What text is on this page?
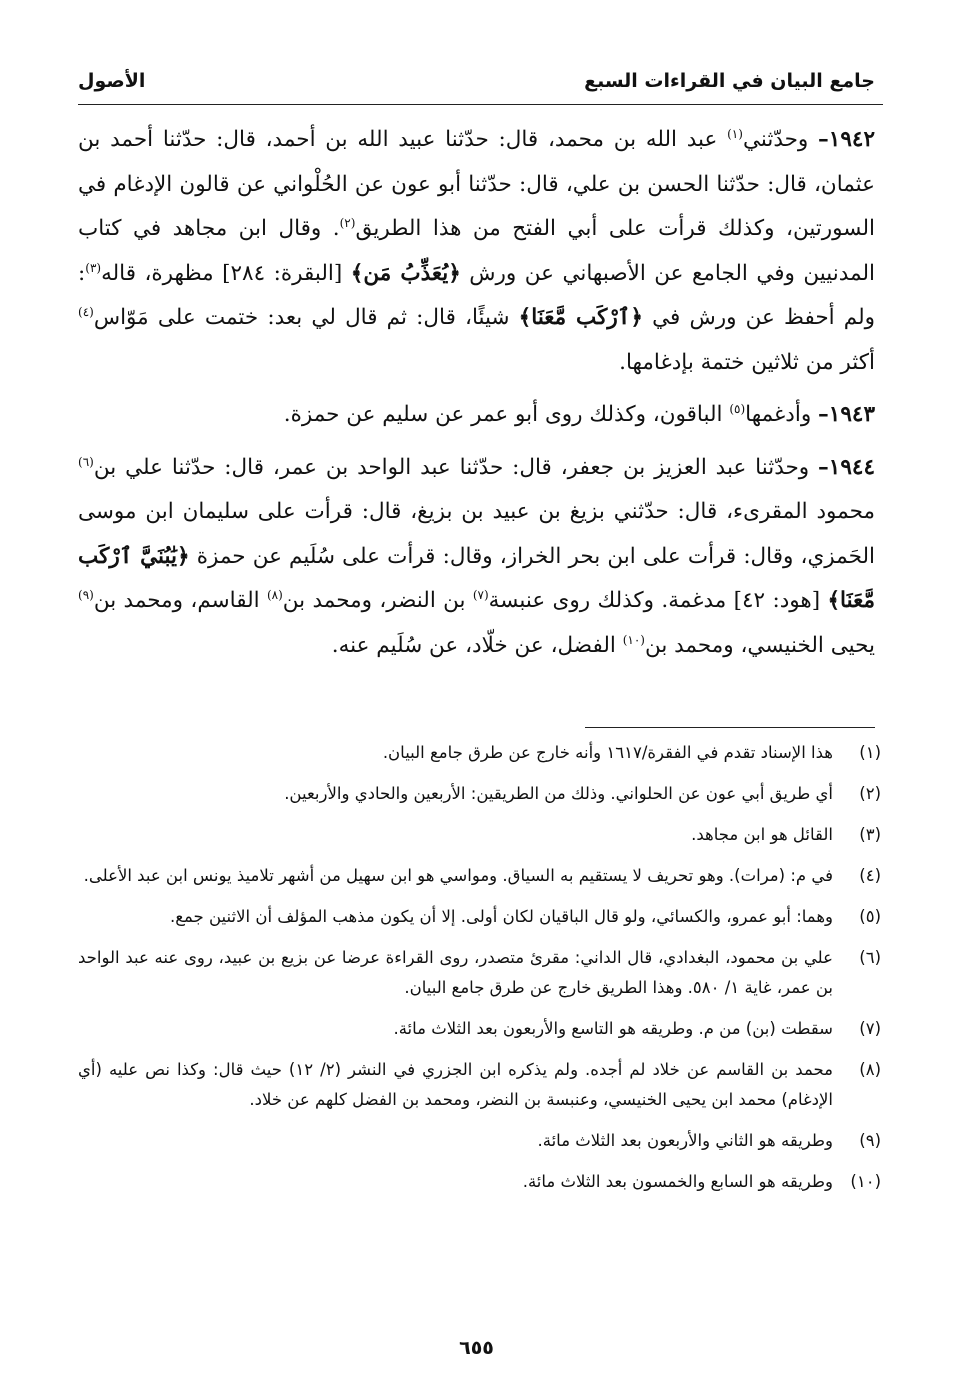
جامع البيان في القراءات السبع
الأصول

١٩٤٢– وحدّثني$^{(١)}$ عبد الله بن محمد، قال: حدّثنا عبيد الله بن أحمد، قال: حدّثنا أحمد بن عثمان، قال: حدّثنا الحسن بن علي، قال: حدّثنا أبو عون عن الحُلْواني عن قالون الإدغام في السورتين، وكذلك قرأت على أبي الفتح من هذا الطريق$^{(٢)}$. وقال ابن مجاهد في كتاب المدنيين وفي الجامع عن الأصبهاني عن ورش ﴿يُعَذِّبُ مَن﴾ [البقرة: ٢٨٤] مظهرة، قاله$^{(٣)}$: ولم أحفظ عن ورش في ﴿ٱرْكَب مَّعَنَا﴾ شيئًا، قال: ثم قال لي بعد: ختمت على مَوّاس$^{(٤)}$ أكثر من ثلاثين ختمة بإدغامها.

١٩٤٣– وأدغمها$^{(٥)}$ الباقون، وكذلك روى أبو عمر عن سليم عن حمزة.

١٩٤٤– وحدّثنا عبد العزيز بن جعفر، قال: حدّثنا عبد الواحد بن عمر، قال: حدّثنا علي بن$^{(٦)}$ محمود المقرىء، قال: حدّثني بزيغ بن عبيد بن بزيغ، قال: قرأت على سليمان ابن موسى الحَمزي، وقال: قرأت على ابن بحر الخراز، وقال: قرأت على سُلَيم عن حمزة ﴿يَٰبُنَيَّ ٱرْكَب مَّعَنَا﴾ [هود: ٤٢] مدغمة. وكذلك روى عنبسة$^{(٧)}$ بن النضر، ومحمد بن$^{(٨)}$ القاسم، ومحمد بن$^{(٩)}$ يحيى الخنيسي، ومحمد بن$^{(١٠)}$ الفضل، عن خلّاد، عن سُلَيم عنه.

(١)
هذا الإسناد تقدم في الفقرة/١٦١٧ وأنه خارج عن طرق جامع البيان.

(٢)
أي طريق أبي عون عن الحلواني. وذلك من الطريقين: الأربعين والحادي والأربعين.

(٣)
القائل هو ابن مجاهد.

(٤)
في م: (مرات). وهو تحريف لا يستقيم به السياق. ومواسي هو ابن سهيل من أشهر تلاميذ يونس ابن عبد الأعلى.

(٥)
وهما: أبو عمرو، والكسائي، ولو قال الباقيان لكان أولى. إلا أن يكون مذهب المؤلف أن الاثنين جمع.

(٦)
علي بن محمود، البغدادي، قال الداني: مقرئ متصدر، روى القراءة عرضا عن بزيع بن عبيد، روى عنه عبد الواحد بن عمر، غاية ١/ ٥٨٠. وهذا الطريق خارج عن طرق جامع البيان.

(٧)
سقطت (بن) من م. وطريقه هو التاسع والأربعون بعد الثلاث مائة.

(٨)
محمد بن القاسم عن خلاد لم أجده. ولم يذكره ابن الجزري في النشر (٢/ ١٢) حيث قال: وكذا نص عليه (أي الإدغام) محمد ابن يحيى الخنيسي، وعنبسة بن النضر، ومحمد بن الفضل كلهم عن خلاد.

(٩)
وطريقه هو الثاني والأربعون بعد الثلاث مائة.

(١٠)
وطريقه هو السابع والخمسون بعد الثلاث مائة.

٦٥٥
